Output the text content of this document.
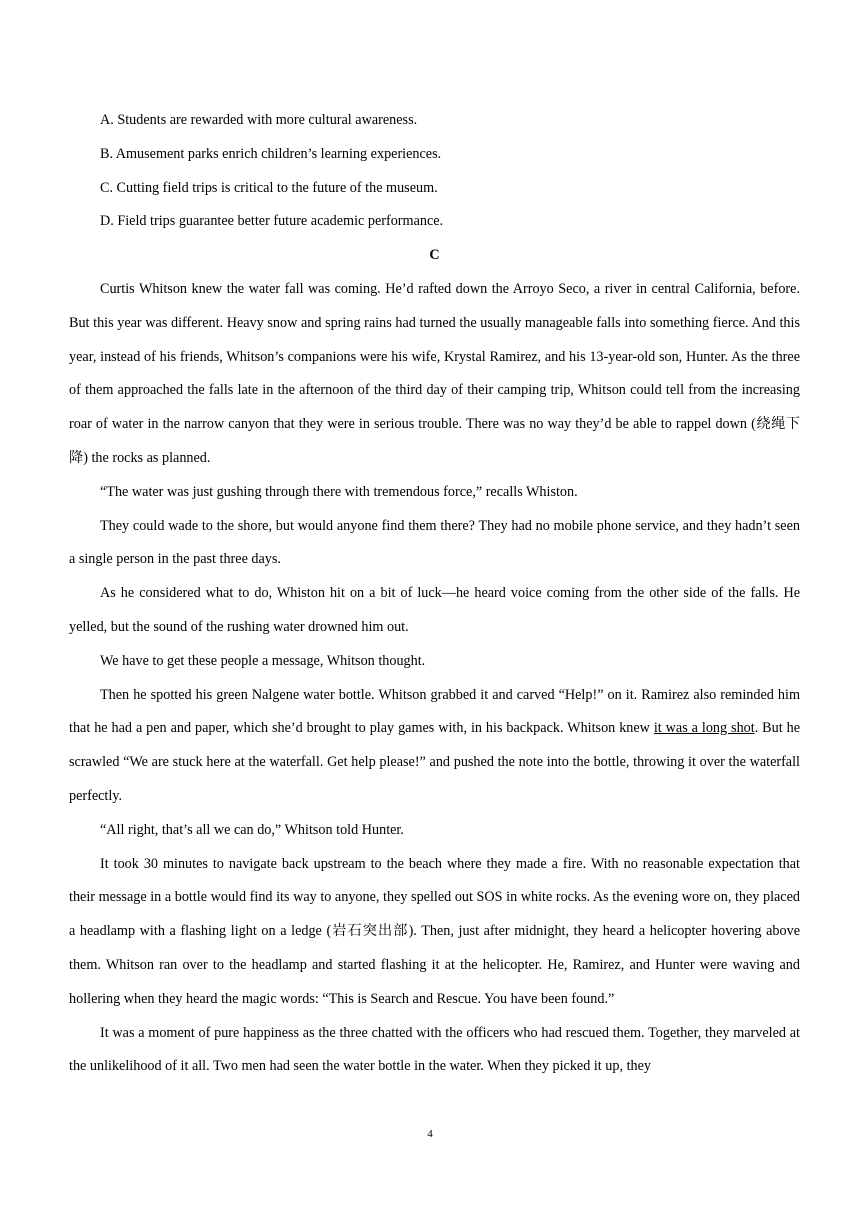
A. Students are rewarded with more cultural awareness.

B. Amusement parks enrich children’s learning experiences.

C. Cutting field trips is critical to the future of the museum.

D. Field trips guarantee better future academic performance.

C

Curtis Whitson knew the water fall was coming. He’d rafted down the Arroyo Seco, a river in central California, before. But this year was different. Heavy snow and spring rains had turned the usually manageable falls into something fierce. And this year, instead of his friends, Whitson’s companions were his wife, Krystal Ramirez, and his 13-year-old son, Hunter. As the three of them approached the falls late in the afternoon of the third day of their camping trip, Whitson could tell from the increasing roar of water in the narrow canyon that they were in serious trouble. There was no way they’d be able to rappel down (绕绳下降) the rocks as planned.

“The water was just gushing through there with tremendous force,” recalls Whiston.

They could wade to the shore, but would anyone find them there? They had no mobile phone service, and they hadn’t seen a single person in the past three days.

As he considered what to do, Whiston hit on a bit of luck—he heard voice coming from the other side of the falls. He yelled, but the sound of the rushing water drowned him out.

We have to get these people a message, Whitson thought.

Then he spotted his green Nalgene water bottle. Whitson grabbed it and carved “Help!” on it. Ramirez also reminded him that he had a pen and paper, which she’d brought to play games with, in his backpack. Whitson knew it was a long shot. But he scrawled “We are stuck here at the waterfall. Get help please!” and pushed the note into the bottle, throwing it over the waterfall perfectly.

“All right, that’s all we can do,” Whitson told Hunter.

It took 30 minutes to navigate back upstream to the beach where they made a fire. With no reasonable expectation that their message in a bottle would find its way to anyone, they spelled out SOS in white rocks. As the evening wore on, they placed a headlamp with a flashing light on a ledge (岩石突出部). Then, just after midnight, they heard a helicopter hovering above them. Whitson ran over to the headlamp and started flashing it at the helicopter. He, Ramirez, and Hunter were waving and hollering when they heard the magic words: “This is Search and Rescue. You have been found.”

It was a moment of pure happiness as the three chatted with the officers who had rescued them. Together, they marveled at the unlikelihood of it all. Two men had seen the water bottle in the water. When they picked it up, they

4
